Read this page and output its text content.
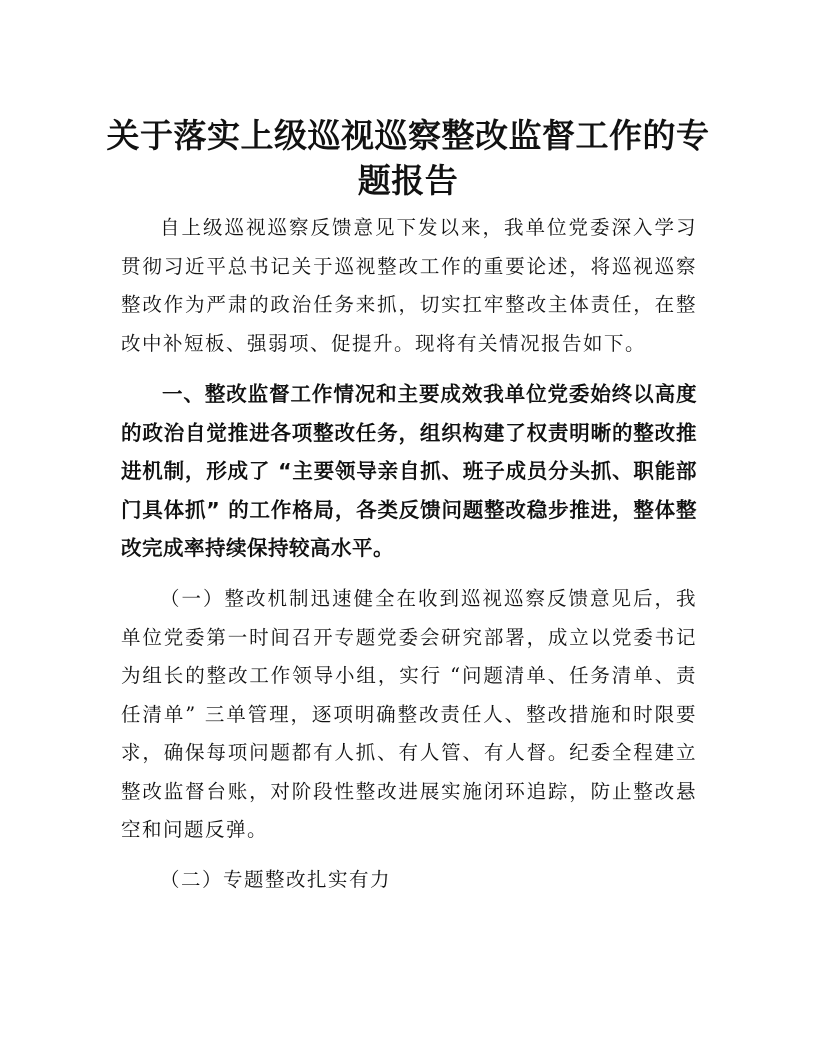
关于落实上级巡视巡察整改监督工作的专题报告

自上级巡视巡察反馈意见下发以来，我单位党委深入学习贯彻习近平总书记关于巡视整改工作的重要论述，将巡视巡察整改作为严肃的政治任务来抓，切实扛牢整改主体责任，在整改中补短板、强弱项、促提升。现将有关情况报告如下。

一、整改监督工作情况和主要成效我单位党委始终以高度的政治自觉推进各项整改任务，组织构建了权责明晰的整改推进机制，形成了 “主要领导亲自抓、班子成员分头抓、职能部门具体抓” 的工作格局，各类反馈问题整改稳步推进，整体整改完成率持续保持较高水平。

（一）整改机制迅速健全在收到巡视巡察反馈意见后，我单位党委第一时间召开专题党委会研究部署，成立以党委书记为组长的整改工作领导小组，实行 “问题清单、任务清单、责任清单” 三单管理，逐项明确整改责任人、整改措施和时限要求，确保每项问题都有人抓、有人管、有人督。纪委全程建立整改监督台账，对阶段性整改进展实施闭环追踪，防止整改悬空和问题反弹。

（二）专题整改扎实有力
